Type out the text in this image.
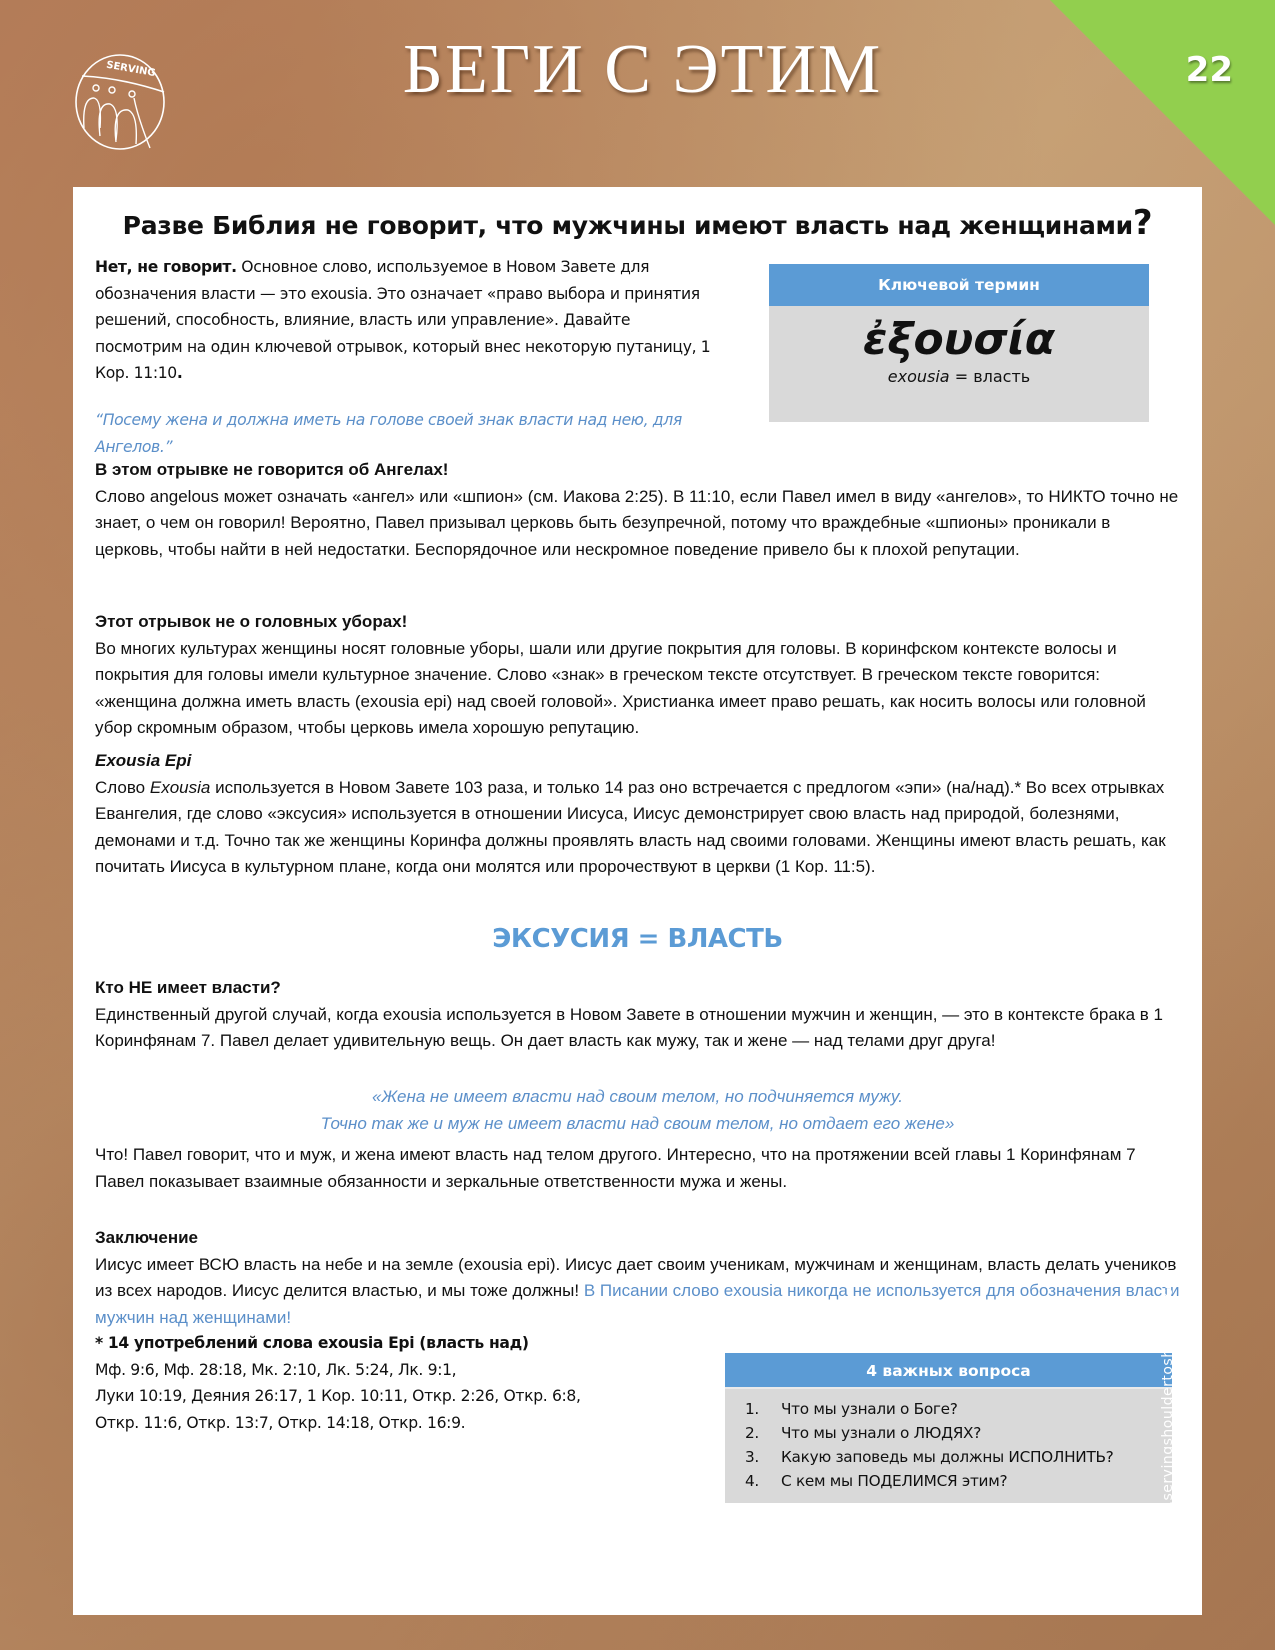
22
SERVING	БЕГИ С ЭТИМ
Разве Библия не говорит, что мужчины имеют власть над женщинами?
Нет, не говорит. Основное слово, используемое в Новом Завете для обозначения власти — это exousia. Это означает «право выбора и принятия решений, способность, влияние, власть или управление». Давайте посмотрим на один ключевой отрывок, который внес некоторую путаницу, 1 Кор. 11:10.
“Посему жена и должна иметь на голове своей знак власти над нею, для Ангелов.”
Ключевой термин
ἐξουσία
exousia = власть
В этом отрывке не говорится об Ангелах!
Слово angelous может означать «ангел» или «шпион» (см. Иакова 2:25). В 11:10, если Павел имел в виду «ангелов», то НИКТО точно не знает, о чем он говорил! Вероятно, Павел призывал церковь быть безупречной, потому что враждебные «шпионы» проникали в церковь, чтобы найти в ней недостатки. Беспорядочное или нескромное поведение привело бы к плохой репутации.
Этот отрывок не о головных уборах!
Во многих культурах женщины носят головные уборы, шали или другие покрытия для головы. В коринфском контексте волосы и покрытия для головы имели культурное значение. Слово «знак» в греческом тексте отсутствует. В греческом тексте говорится: «женщина должна иметь власть (exousia epi) над своей головой». Христианка имеет право решать, как носить волосы или головной убор скромным образом, чтобы церковь имела хорошую репутацию.
Exousia Epi
Слово Exousia используется в Новом Завете 103 раза, и только 14 раз оно встречается с предлогом «эпи» (на/над).* Во всех отрывках Евангелия, где слово «эксусия» используется в отношении Иисуса, Иисус демонстрирует свою власть над природой, болезнями, демонами и т.д. Точно так же женщины Коринфа должны проявлять власть над своими головами. Женщины имеют власть решать, как почитать Иисуса в культурном плане, когда они молятся или пророчествуют в церкви (1 Кор. 11:5).
ЭКСУСИЯ = ВЛАСТЬ
Кто НЕ имеет власти?
Единственный другой случай, когда exousia используется в Новом Завете в отношении мужчин и женщин, — это в контексте брака в 1 Коринфянам 7. Павел делает удивительную вещь. Он дает власть как мужу, так и жене — над телами друг друга!
«Жена не имеет власти над своим телом, но подчиняется мужу.
Точно так же и муж не имеет власти над своим телом, но отдает его жене»
Что! Павел говорит, что и муж, и жена имеют власть над телом другого. Интересно, что на протяжении всей главы 1 Коринфянам 7 Павел показывает взаимные обязанности и зеркальные ответственности мужа и жены.
Заключение
Иисус имеет ВСЮ власть на небе и на земле (exousia epi). Иисус дает своим ученикам, мужчинам и женщинам, власть делать учеников из всех народов. Иисус делится властью, и мы тоже должны! В Писании слово exousia никогда не используется для обозначения власти мужчин над женщинами!
* 14 употреблений слова exousia Epi (власть над)
Мф. 9:6, Мф. 28:18, Мк. 2:10, Лк. 5:24, Лк. 9:1,
Луки 10:19, Деяния 26:17, 1 Кор. 10:11, Откр. 2:26, Откр. 6:8,
Откр. 11:6, Откр. 13:7, Откр. 14:18, Откр. 16:9.
4 важных вопроса
1.	Что мы узнали о Боге?
2.	Что мы узнали о ЛЮДЯХ?
3.	Какую заповедь мы должны ИСПОЛНИТЬ?
4.	С кем мы ПОДЕЛИМСЯ этим?	www.servingshouldertoshoulder.com
